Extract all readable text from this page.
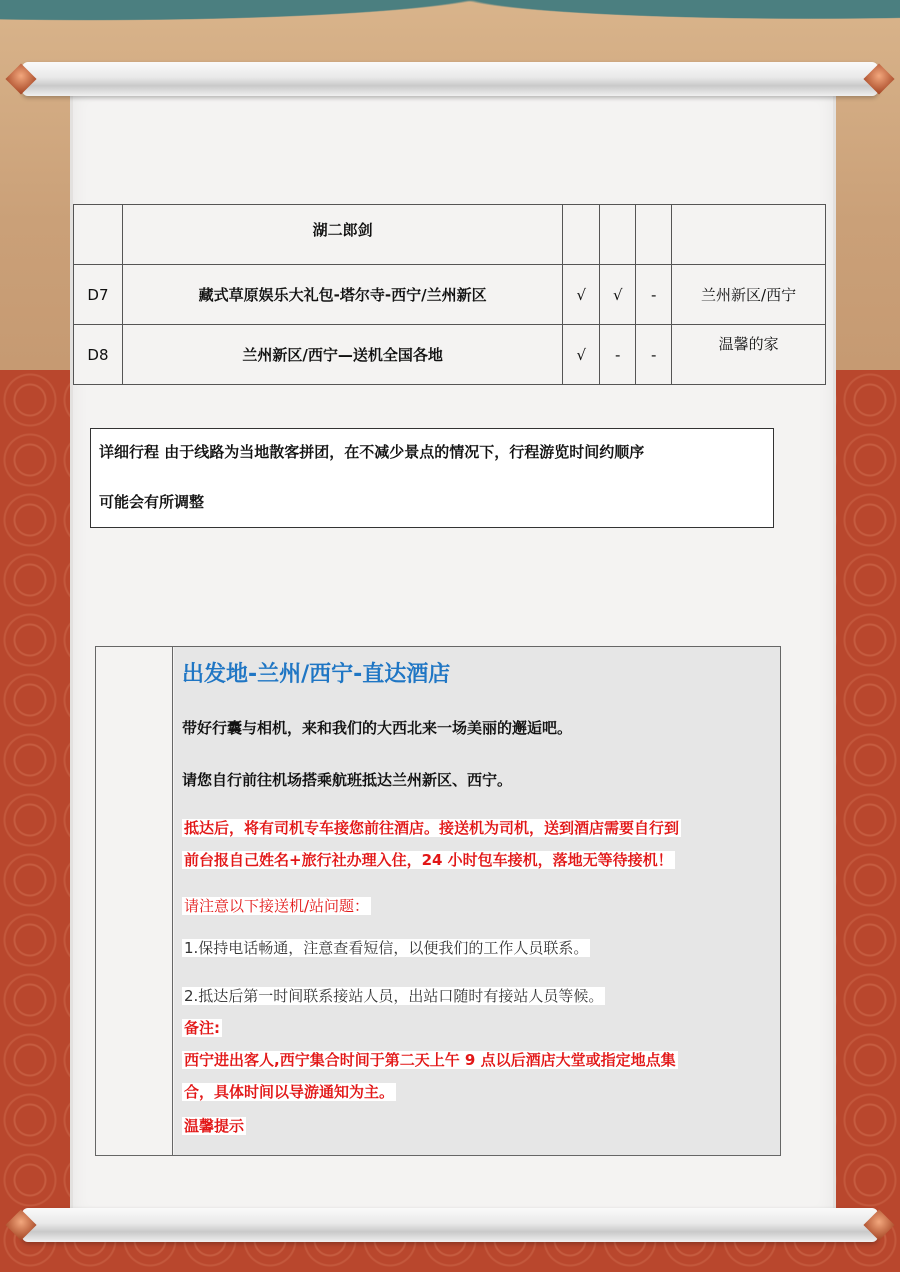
	湖二郎剑				
D7	藏式草原娱乐大礼包-塔尔寺-西宁/兰州新区	√	√	-	兰州新区/西宁
D8	兰州新区/西宁—送机全国各地	√	-	-	温馨的家

详细行程 由于线路为当地散客拼团，在不减少景点的情况下，行程游览时间约顺序

可能会有所调整

出发地-兰州/西宁-直达酒店
带好行囊与相机，来和我们的大西北来一场美丽的邂逅吧。
请您自行前往机场搭乘航班抵达兰州新区、西宁。
抵达后，将有司机专车接您前往酒店。接送机为司机，送到酒店需要自行到
前台报自己姓名+旅行社办理入住，24 小时包车接机，落地无等待接机！
请注意以下接送机/站问题：
1.保持电话畅通，注意查看短信，以便我们的工作人员联系。
2.抵达后第一时间联系接站人员，出站口随时有接站人员等候。
备注:
西宁进出客人,西宁集合时间于第二天上午 9 点以后酒店大堂或指定地点集
合，具体时间以导游通知为主。
温馨提示
